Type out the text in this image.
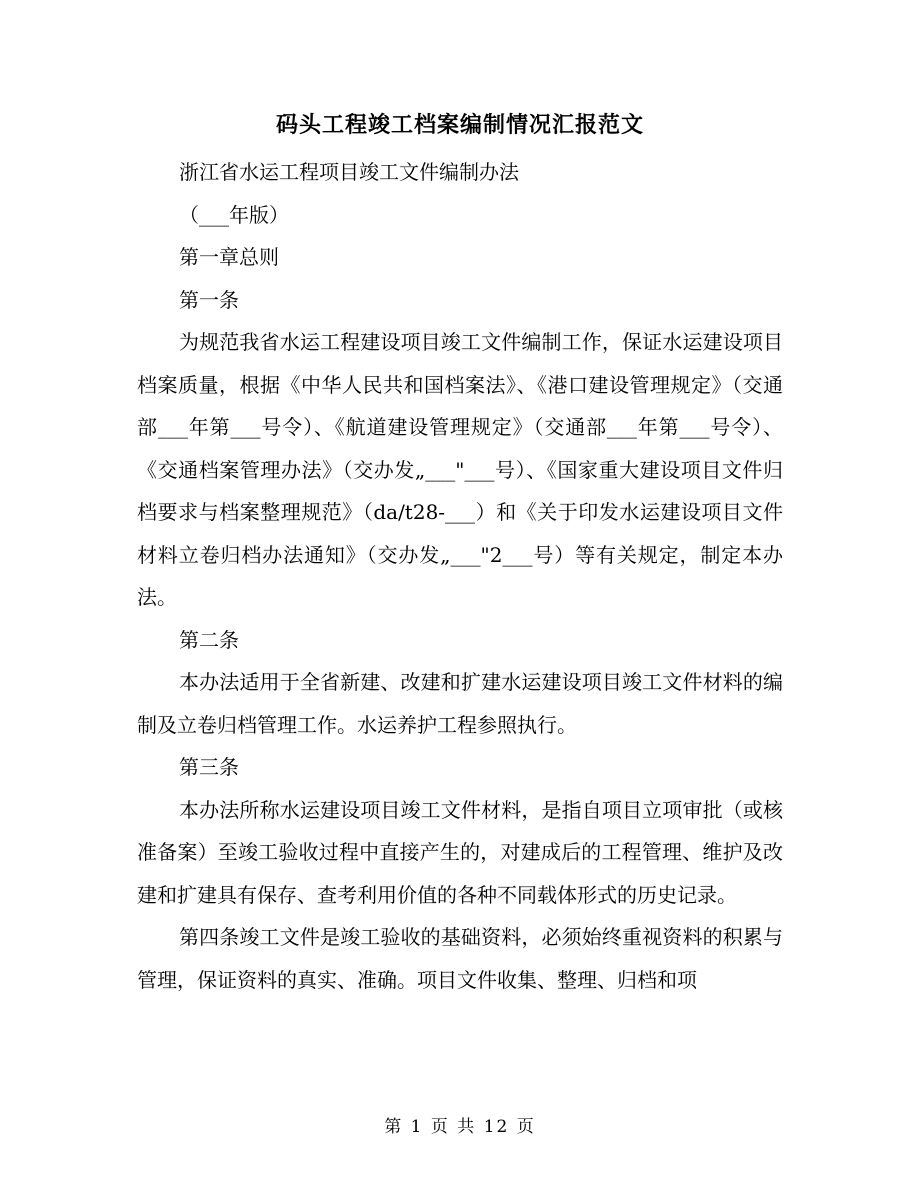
码头工程竣工档案编制情况汇报范文

浙江省水运工程项目竣工文件编制办法

（___年版）

第一章总则

第一条

为规范我省水运工程建设项目竣工文件编制工作，保证水运建设项目档案质量，根据《中华人民共和国档案法》、《港口建设管理规定》（交通部___年第___号令）、《航道建设管理规定》（交通部___年第___号令）、《交通档案管理办法》（交办发„___"___号）、《国家重大建设项目文件归档要求与档案整理规范》（da/t28-___）和《关于印发水运建设项目文件材料立卷归档办法通知》（交办发„___"2___号）等有关规定，制定本办法。

第二条

本办法适用于全省新建、改建和扩建水运建设项目竣工文件材料的编制及立卷归档管理工作。水运养护工程参照执行。

第三条

本办法所称水运建设项目竣工文件材料，是指自项目立项审批（或核准备案）至竣工验收过程中直接产生的，对建成后的工程管理、维护及改建和扩建具有保存、查考利用价值的各种不同载体形式的历史记录。

第四条竣工文件是竣工验收的基础资料，必须始终重视资料的积累与管理，保证资料的真实、准确。项目文件收集、整理、归档和项

第 1 页 共 12 页
